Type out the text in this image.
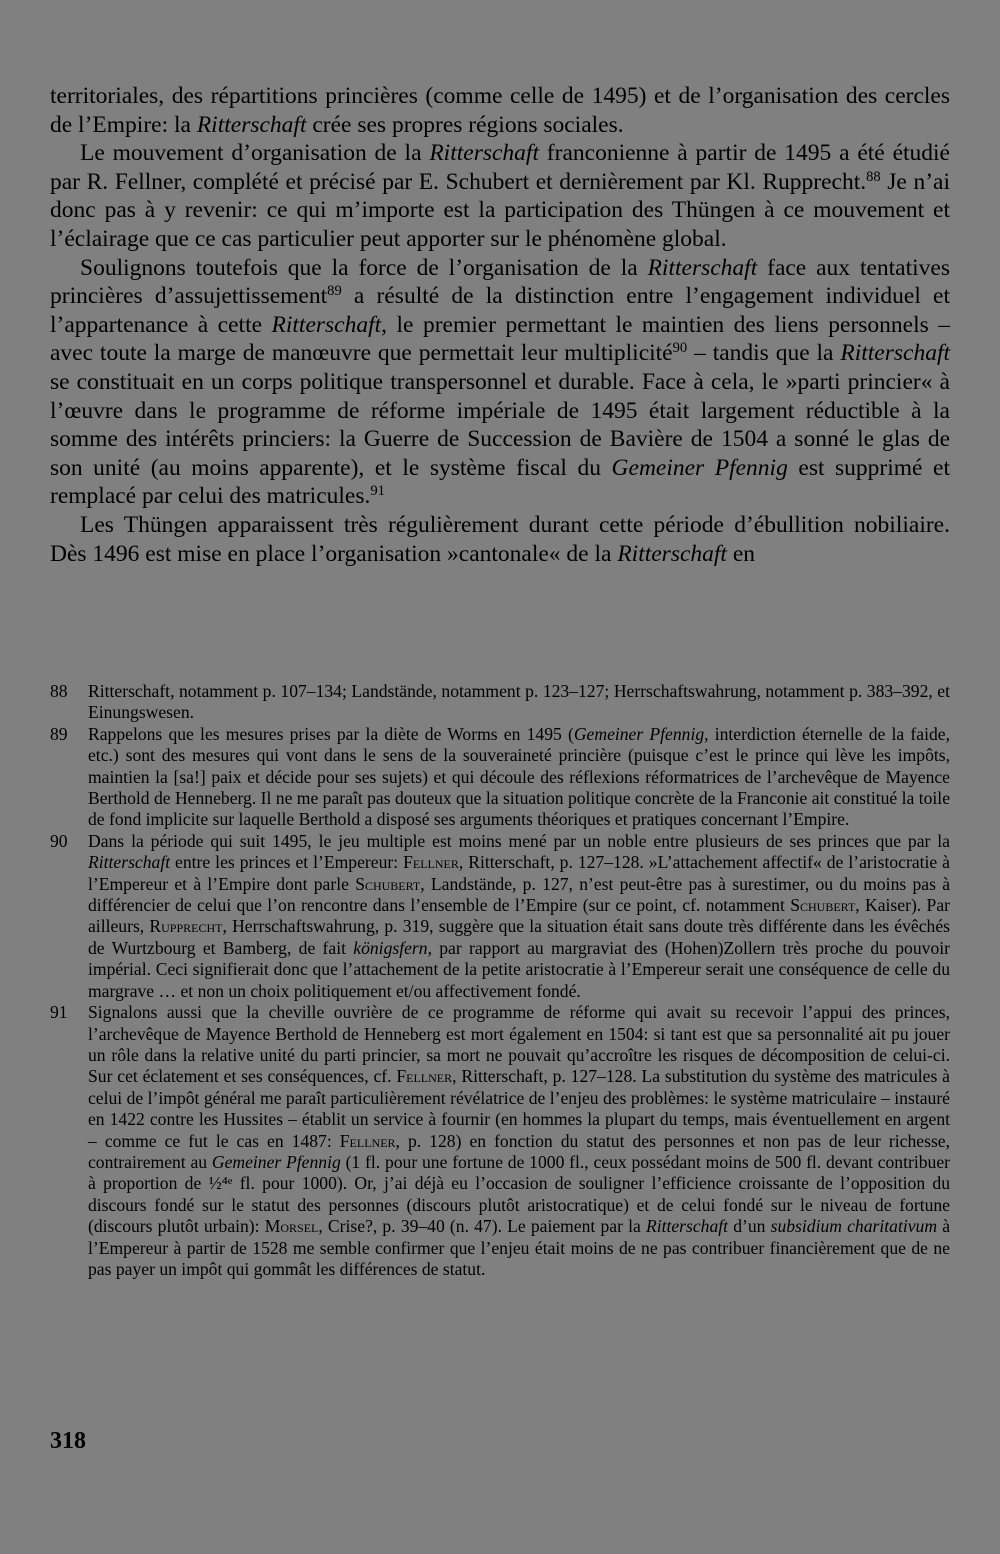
territoriales, des répartitions princières (comme celle de 1495) et de l’organisation des cercles de l’Empire: la Ritterschaft crée ses propres régions sociales.

Le mouvement d’organisation de la Ritterschaft franconienne à partir de 1495 a été étudié par R. Fellner, complété et précisé par E. Schubert et dernièrement par Kl. Rupprecht.$^{88}$ Je n’ai donc pas à y revenir: ce qui m’importe est la participation des Thüngen à ce mouvement et l’éclairage que ce cas particulier peut apporter sur le phénomène global.

Soulignons toutefois que la force de l’organisation de la Ritterschaft face aux tentatives princières d’assujettissement$^{89}$ a résulté de la distinction entre l’engagement individuel et l’appartenance à cette Ritterschaft, le premier permettant le maintien des liens personnels – avec toute la marge de manœuvre que permettait leur multiplicité$^{90}$ – tandis que la Ritterschaft se constituait en un corps politique transpersonnel et durable. Face à cela, le »parti princier« à l’œuvre dans le programme de réforme impériale de 1495 était largement réductible à la somme des intérêts princiers: la Guerre de Succession de Bavière de 1504 a sonné le glas de son unité (au moins apparente), et le système fiscal du Gemeiner Pfennig est supprimé et remplacé par celui des matricules.$^{91}$

Les Thüngen apparaissent très régulièrement durant cette période d’ébullition nobiliaire. Dès 1496 est mise en place l’organisation »cantonale« de la Ritterschaft en

88	Ritterschaft, notamment p. 107–134; Landstände, notamment p. 123–127; Herrschaftswahrung, notamment p. 383–392, et Einungswesen.
89	Rappelons que les mesures prises par la diète de Worms en 1495 (Gemeiner Pfennig, interdiction éternelle de la faide, etc.) sont des mesures qui vont dans le sens de la souveraineté princière (puisque c’est le prince qui lève les impôts, maintien la [sa!] paix et décide pour ses sujets) et qui découle des réflexions réformatrices de l’archevêque de Mayence Berthold de Henneberg. Il ne me paraît pas douteux que la situation politique concrète de la Franconie ait constitué la toile de fond implicite sur laquelle Berthold a disposé ses arguments théoriques et pratiques concernant l’Empire.
90	Dans la période qui suit 1495, le jeu multiple est moins mené par un noble entre plusieurs de ses princes que par la Ritterschaft entre les princes et l’Empereur: Fellner, Ritterschaft, p. 127–128. »L’attachement affectif« de l’aristocratie à l’Empereur et à l’Empire dont parle Schubert, Landstände, p. 127, n’est peut-être pas à surestimer, ou du moins pas à différencier de celui que l’on rencontre dans l’ensemble de l’Empire (sur ce point, cf. notamment Schubert, Kaiser). Par ailleurs, Rupprecht, Herrschaftswahrung, p. 319, suggère que la situation était sans doute très différente dans les évêchés de Wurtzbourg et Bamberg, de fait königsfern, par rapport au margraviat des (Hohen)Zollern très proche du pouvoir impérial. Ceci signifierait donc que l’attachement de la petite aristocratie à l’Empereur serait une conséquence de celle du margrave … et non un choix politiquement et/ou affectivement fondé.
91	Signalons aussi que la cheville ouvrière de ce programme de réforme qui avait su recevoir l’appui des princes, l’archevêque de Mayence Berthold de Henneberg est mort également en 1504: si tant est que sa personnalité ait pu jouer un rôle dans la relative unité du parti princier, sa mort ne pouvait qu’accroître les risques de décomposition de celui-ci. Sur cet éclatement et ses conséquences, cf. Fellner, Ritterschaft, p. 127–128. La substitution du système des matricules à celui de l’impôt général me paraît particulièrement révélatrice de l’enjeu des problèmes: le système matriculaire – instauré en 1422 contre les Hussites – établit un service à fournir (en hommes la plupart du temps, mais éventuellement en argent – comme ce fut le cas en 1487: Fellner, p. 128) en fonction du statut des personnes et non pas de leur richesse, contrairement au Gemeiner Pfennig (1 fl. pour une fortune de 1000 fl., ceux possédant moins de 500 fl. devant contribuer à proportion de ½⁴ᵉ fl. pour 1000). Or, j’ai déjà eu l’occasion de souligner l’efficience croissante de l’opposition du discours fondé sur le statut des personnes (discours plutôt aristocratique) et de celui fondé sur le niveau de fortune (discours plutôt urbain): Morsel, Crise?, p. 39–40 (n. 47). Le paiement par la Ritterschaft d’un subsidium charitativum à l’Empereur à partir de 1528 me semble confirmer que l’enjeu était moins de ne pas contribuer financièrement que de ne pas payer un impôt qui gommât les différences de statut.
318
